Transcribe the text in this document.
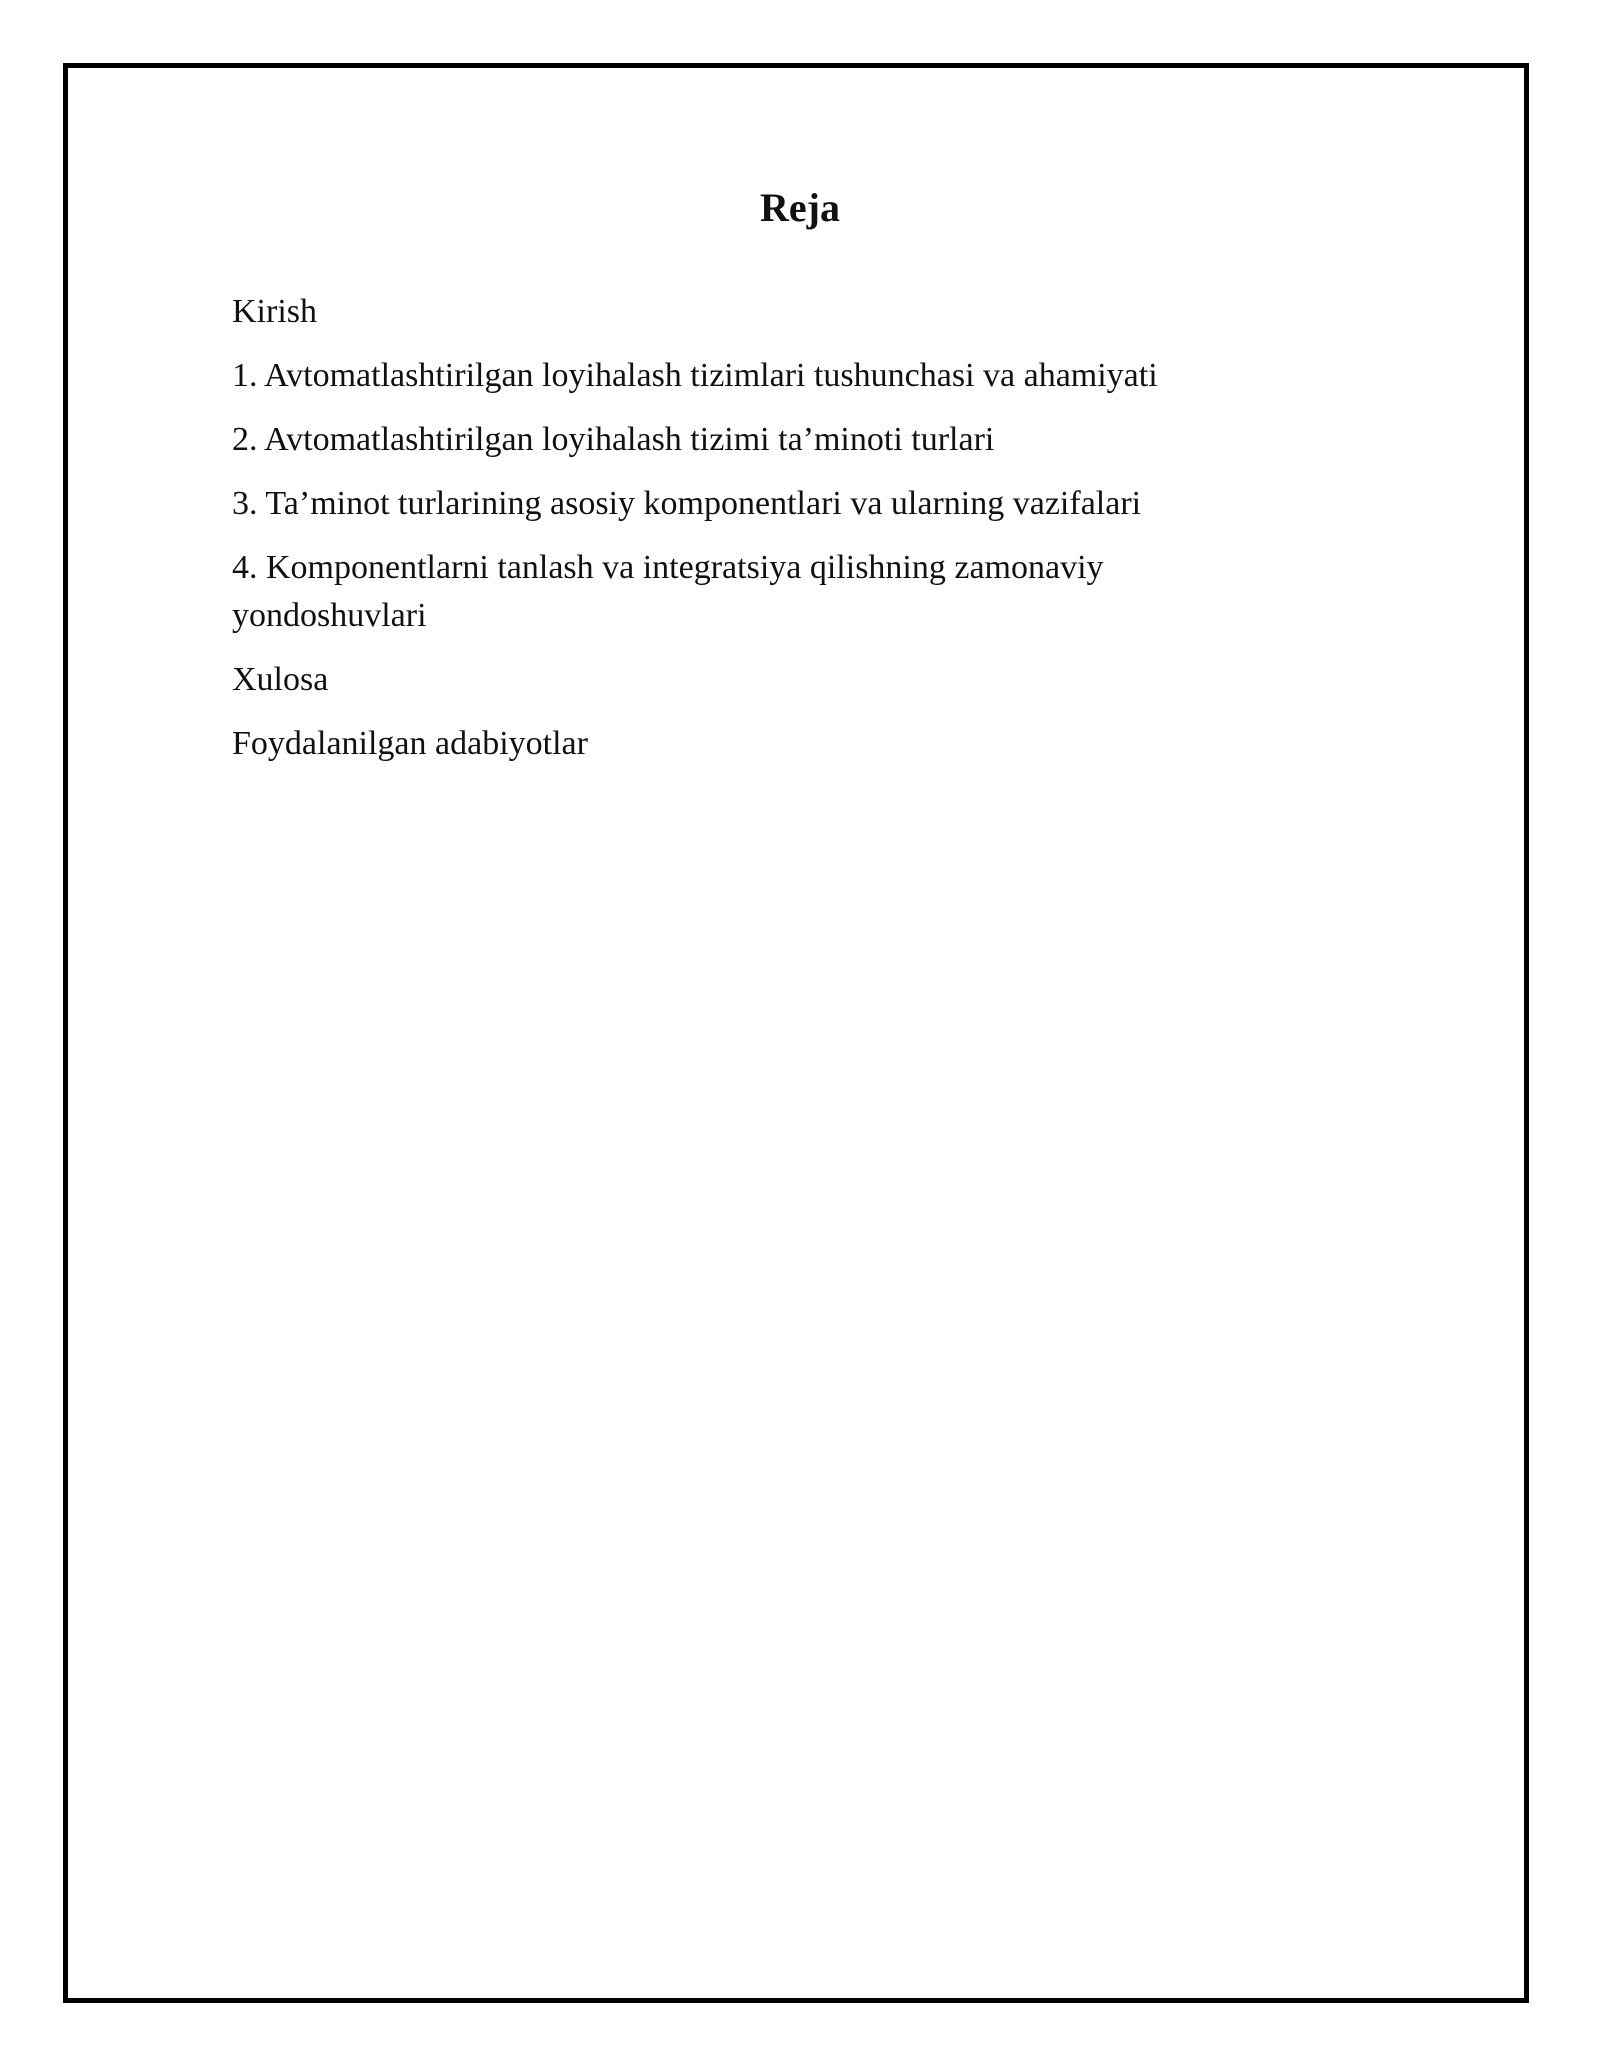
Reja
Kirish
1. Avtomatlashtirilgan loyihalash tizimlari tushunchasi va ahamiyati
2. Avtomatlashtirilgan loyihalash tizimi ta’minoti turlari
3. Ta’minot turlarining asosiy komponentlari va ularning vazifalari
4. Komponentlarni tanlash va integratsiya qilishning zamonaviy yondoshuvlari
Xulosa
Foydalanilgan adabiyotlar
